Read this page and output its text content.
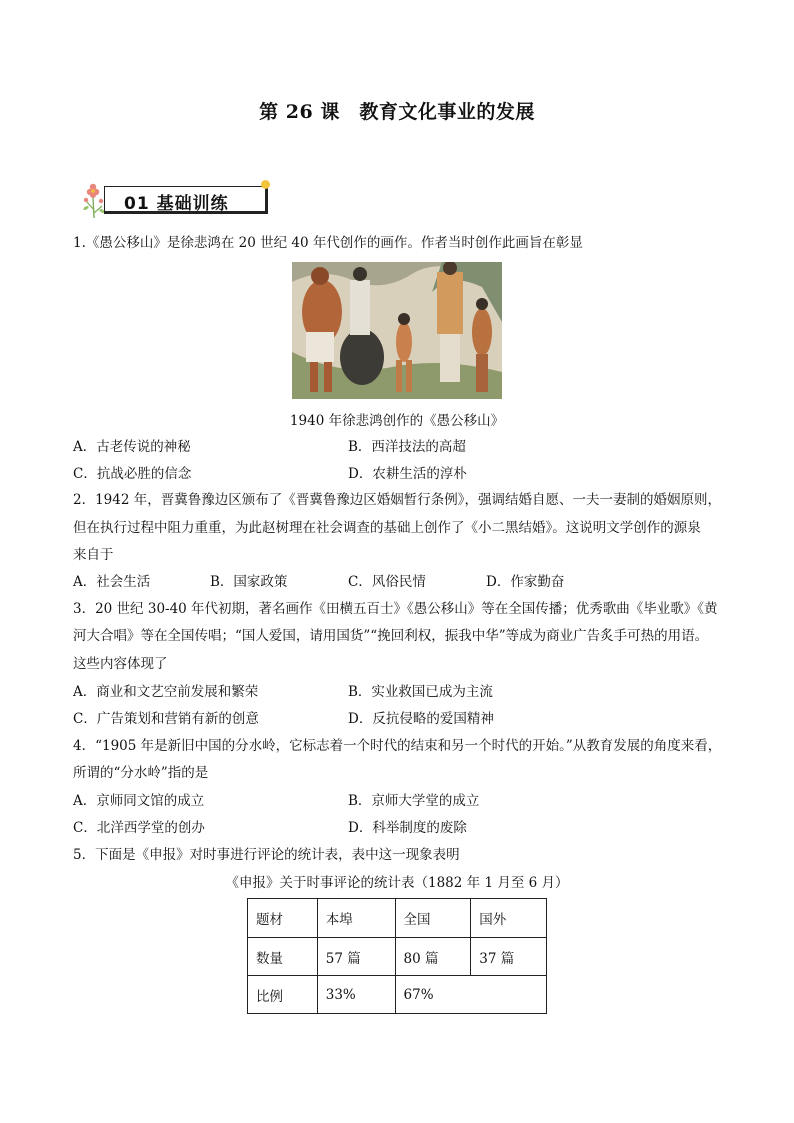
第 26 课　教育文化事业的发展
01 基础训练
1.《愚公移山》是徐悲鸿在 20 世纪 40 年代创作的画作。作者当时创作此画旨在彰显
1940 年徐悲鸿创作的《愚公移山》
A．古老传说的神秘	B．西洋技法的高超
C．抗战必胜的信念	D．农耕生活的淳朴
2．1942 年，晋冀鲁豫边区颁布了《晋冀鲁豫边区婚姻暂行条例》，强调结婚自愿、一夫一妻制的婚姻原则，
但在执行过程中阻力重重，为此赵树理在社会调查的基础上创作了《小二黑结婚》。这说明文学创作的源泉
来自于
A．社会生活	B．国家政策	C．风俗民情	D．作家勤奋
3．20 世纪 30-40 年代初期，著名画作《田横五百士》《愚公移山》等在全国传播；优秀歌曲《毕业歌》《黄
河大合唱》等在全国传唱；“国人爱国，请用国货”“挽回利权，振我中华”等成为商业广告炙手可热的用语。
这些内容体现了
A．商业和文艺空前发展和繁荣	B．实业救国已成为主流
C．广告策划和营销有新的创意	D．反抗侵略的爱国精神
4．“1905 年是新旧中国的分水岭，它标志着一个时代的结束和另一个时代的开始。”从教育发展的角度来看，
所谓的“分水岭”指的是
A．京师同文馆的成立	B．京师大学堂的成立
C．北洋西学堂的创办	D．科举制度的废除
5．下面是《申报》对时事进行评论的统计表，表中这一现象表明
《申报》关于时事评论的统计表（1882 年 1 月至 6 月）
题材	本埠	全国	国外
数量	57 篇	80 篇	37 篇
比例	33%	67%	
